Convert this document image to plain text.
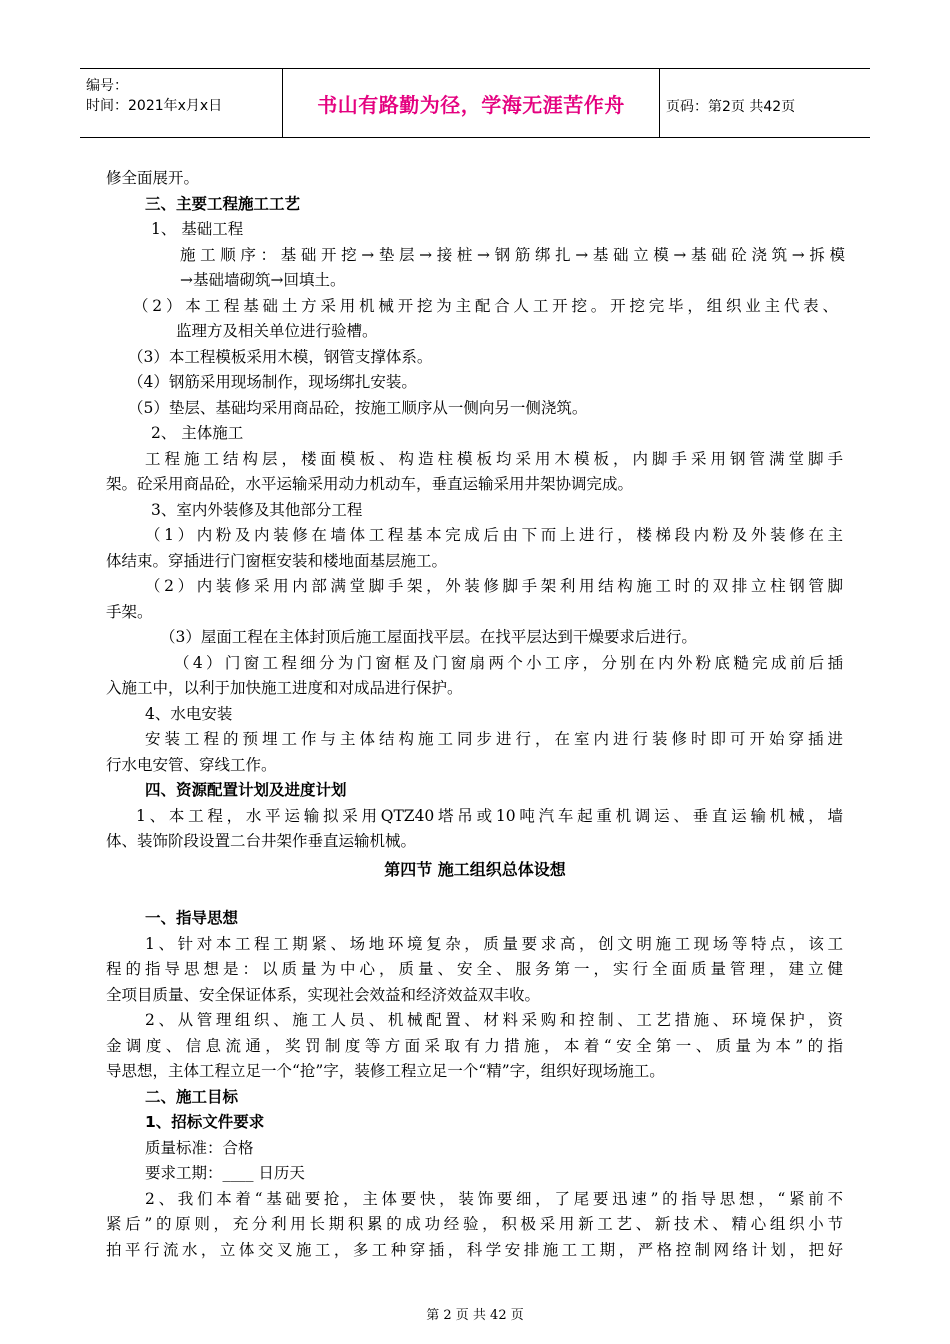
编号：
时间：2021年x月x日	书山有路勤为径，学海无涯苦作舟	页码：第2页 共42页
修全面展开。
三、主要工程施工工艺
1、 基础工程
施工顺序：基础开挖→垫层→接桩→钢筋绑扎→基础立模→基础砼浇筑→拆模
→基础墙砌筑→回填土。
（2）本工程基础土方采用机械开挖为主配合人工开挖。开挖完毕，组织业主代表、
监理方及相关单位进行验槽。
（3）本工程模板采用木模，钢管支撑体系。
（4）钢筋采用现场制作，现场绑扎安装。
（5）垫层、基础均采用商品砼，按施工顺序从一侧向另一侧浇筑。
2、 主体施工
工程施工结构层，楼面模板、构造柱模板均采用木模板，内脚手采用钢管满堂脚手
架。砼采用商品砼，水平运输采用动力机动车，垂直运输采用井架协调完成。
3、室内外装修及其他部分工程
（1）内粉及内装修在墙体工程基本完成后由下而上进行，楼梯段内粉及外装修在主
体结束。穿插进行门窗框安装和楼地面基层施工。
（2）内装修采用内部满堂脚手架，外装修脚手架利用结构施工时的双排立柱钢管脚
手架。
（3）屋面工程在主体封顶后施工屋面找平层。在找平层达到干燥要求后进行。
（4）门窗工程细分为门窗框及门窗扇两个小工序，分别在内外粉底糙完成前后插
入施工中，以利于加快施工进度和对成品进行保护。
4、水电安装
安装工程的预埋工作与主体结构施工同步进行，在室内进行装修时即可开始穿插进
行水电安管、穿线工作。
四、资源配置计划及进度计划
1、本工程，水平运输拟采用QTZ40塔吊或10吨汽车起重机调运、垂直运输机械，墙
体、装饰阶段设置二台井架作垂直运输机械。
第四节 施工组织总体设想
一、指导思想
1、针对本工程工期紧、场地环境复杂，质量要求高，创文明施工现场等特点，该工
程的指导思想是：以质量为中心，质量、安全、服务第一，实行全面质量管理，建立健
全项目质量、安全保证体系，实现社会效益和经济效益双丰收。
2、从管理组织、施工人员、机械配置、材料采购和控制、工艺措施、环境保护，资
金调度、信息流通，奖罚制度等方面采取有力措施，本着“安全第一、质量为本”的指
导思想，主体工程立足一个“抢”字，装修工程立足一个“精”字，组织好现场施工。
二、施工目标
1、招标文件要求
质量标准：合格
要求工期：____ 日历天
2、我们本着“基础要抢，主体要快，装饰要细，了尾要迅速”的指导思想，“紧前不
紧后”的原则，充分利用长期积累的成功经验，积极采用新工艺、新技术、精心组织小节
拍平行流水，立体交叉施工，多工种穿插，科学安排施工工期，严格控制网络计划，把好
第 2 页 共 42 页
